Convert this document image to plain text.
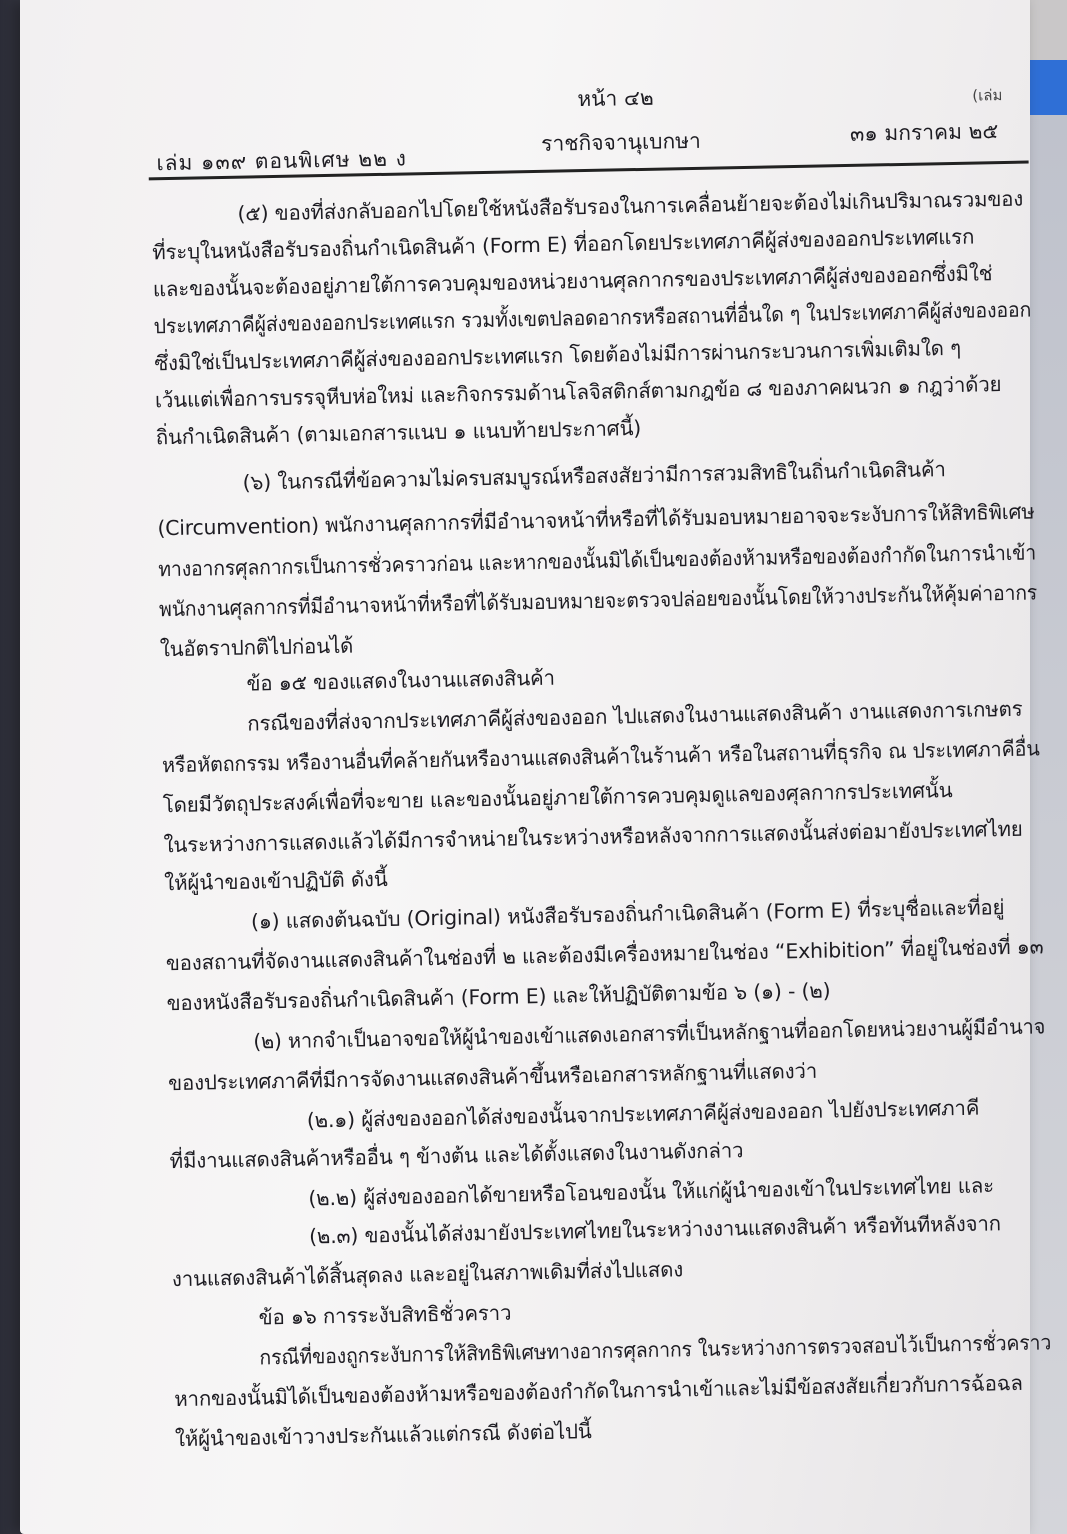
หน้า ๔๒
เล่ม ๑๓๙ ตอนพิเศษ ๒๒ ง
ราชกิจจานุเบกษา	๓๑ มกราคม ๒๕
(เล่ม
(๕) ของที่ส่งกลับออกไปโดยใช้หนังสือรับรองในการเคลื่อนย้ายจะต้องไม่เกินปริมาณรวมของ
ที่ระบุในหนังสือรับรองถิ่นกำเนิดสินค้า (Form E) ที่ออกโดยประเทศภาคีผู้ส่งของออกประเทศแรก
และของนั้นจะต้องอยู่ภายใต้การควบคุมของหน่วยงานศุลกากรของประเทศภาคีผู้ส่งของออกซึ่งมิใช่
ประเทศภาคีผู้ส่งของออกประเทศแรก รวมทั้งเขตปลอดอากรหรือสถานที่อื่นใด ๆ ในประเทศภาคีผู้ส่งของออก
ซึ่งมิใช่เป็นประเทศภาคีผู้ส่งของออกประเทศแรก โดยต้องไม่มีการผ่านกระบวนการเพิ่มเติมใด ๆ
เว้นแต่เพื่อการบรรจุหีบห่อใหม่ และกิจกรรมด้านโลจิสติกส์ตามกฎข้อ ๘ ของภาคผนวก ๑ กฎว่าด้วย
ถิ่นกำเนิดสินค้า (ตามเอกสารแนบ ๑ แนบท้ายประกาศนี้)
(๖) ในกรณีที่ข้อความไม่ครบสมบูรณ์หรือสงสัยว่ามีการสวมสิทธิในถิ่นกำเนิดสินค้า
(Circumvention) พนักงานศุลกากรที่มีอำนาจหน้าที่หรือที่ได้รับมอบหมายอาจจะระงับการให้สิทธิพิเศษ
ทางอากรศุลกากรเป็นการชั่วคราวก่อน และหากของนั้นมิได้เป็นของต้องห้ามหรือของต้องกำกัดในการนำเข้า
พนักงานศุลกากรที่มีอำนาจหน้าที่หรือที่ได้รับมอบหมายจะตรวจปล่อยของนั้นโดยให้วางประกันให้คุ้มค่าอากร
ในอัตราปกติไปก่อนได้
ข้อ ๑๕ ของแสดงในงานแสดงสินค้า
กรณีของที่ส่งจากประเทศภาคีผู้ส่งของออก ไปแสดงในงานแสดงสินค้า งานแสดงการเกษตร
หรือหัตถกรรม หรืองานอื่นที่คล้ายกันหรืองานแสดงสินค้าในร้านค้า หรือในสถานที่ธุรกิจ ณ ประเทศภาคีอื่น
โดยมีวัตถุประสงค์เพื่อที่จะขาย และของนั้นอยู่ภายใต้การควบคุมดูแลของศุลกากรประเทศนั้น
ในระหว่างการแสดงแล้วได้มีการจำหน่ายในระหว่างหรือหลังจากการแสดงนั้นส่งต่อมายังประเทศไทย
ให้ผู้นำของเข้าปฏิบัติ ดังนี้
(๑) แสดงต้นฉบับ (Original) หนังสือรับรองถิ่นกำเนิดสินค้า (Form E) ที่ระบุชื่อและที่อยู่
ของสถานที่จัดงานแสดงสินค้าในช่องที่ ๒ และต้องมีเครื่องหมายในช่อง “Exhibition” ที่อยู่ในช่องที่ ๑๓
ของหนังสือรับรองถิ่นกำเนิดสินค้า (Form E) และให้ปฏิบัติตามข้อ ๖ (๑) - (๒)
(๒) หากจำเป็นอาจขอให้ผู้นำของเข้าแสดงเอกสารที่เป็นหลักฐานที่ออกโดยหน่วยงานผู้มีอำนาจ
ของประเทศภาคีที่มีการจัดงานแสดงสินค้าขึ้นหรือเอกสารหลักฐานที่แสดงว่า
(๒.๑) ผู้ส่งของออกได้ส่งของนั้นจากประเทศภาคีผู้ส่งของออก ไปยังประเทศภาคี
ที่มีงานแสดงสินค้าหรืออื่น ๆ ข้างต้น และได้ตั้งแสดงในงานดังกล่าว
(๒.๒) ผู้ส่งของออกได้ขายหรือโอนของนั้น ให้แก่ผู้นำของเข้าในประเทศไทย และ
(๒.๓) ของนั้นได้ส่งมายังประเทศไทยในระหว่างงานแสดงสินค้า หรือทันทีหลังจาก
งานแสดงสินค้าได้สิ้นสุดลง และอยู่ในสภาพเดิมที่ส่งไปแสดง
ข้อ ๑๖ การระงับสิทธิชั่วคราว
กรณีที่ของถูกระงับการให้สิทธิพิเศษทางอากรศุลกากร ในระหว่างการตรวจสอบไว้เป็นการชั่วคราว
หากของนั้นมิได้เป็นของต้องห้ามหรือของต้องกำกัดในการนำเข้าและไม่มีข้อสงสัยเกี่ยวกับการฉ้อฉล
ให้ผู้นำของเข้าวางประกันแล้วแต่กรณี ดังต่อไปนี้
